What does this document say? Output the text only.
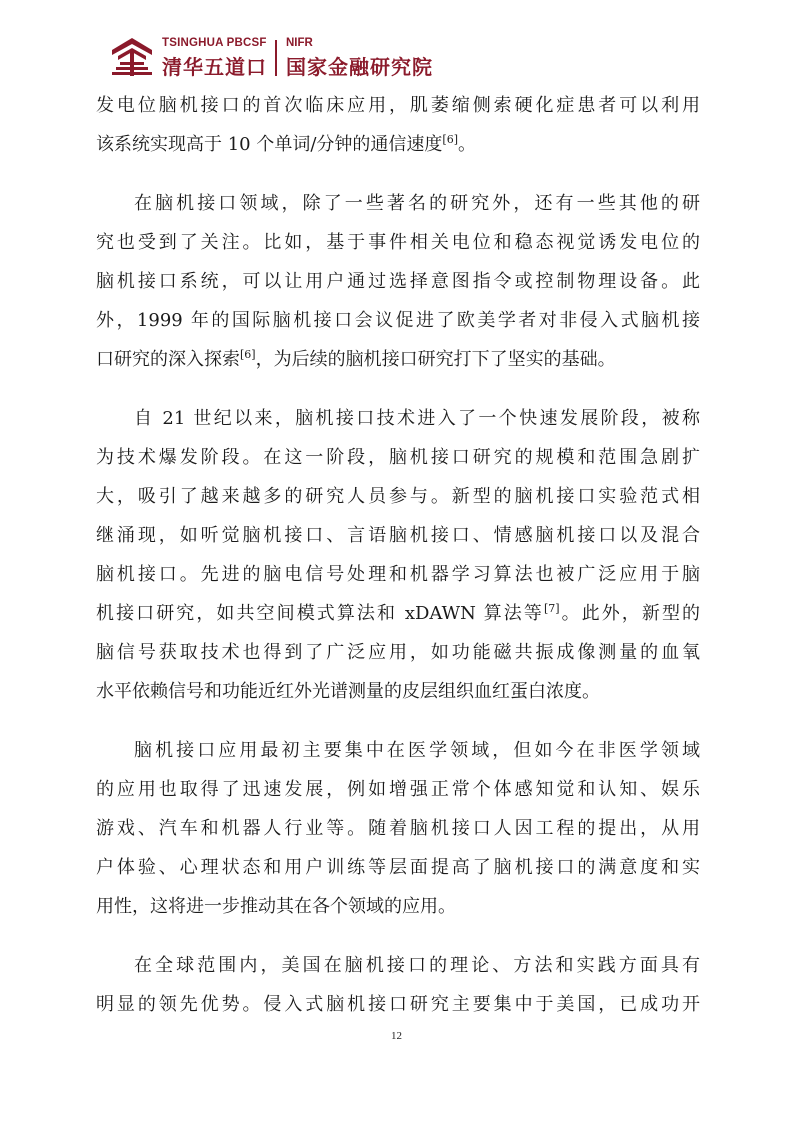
TSINGHUA PBCSF
清华五道口
NIFR
国家金融研究院
发电位脑机接口的首次临床应用，肌萎缩侧索硬化症患者可以利用
该系统实现高于 10 个单词/分钟的通信速度[6]。
在脑机接口领域，除了一些著名的研究外，还有一些其他的研
究也受到了关注。比如，基于事件相关电位和稳态视觉诱发电位的
脑机接口系统，可以让用户通过选择意图指令或控制物理设备。此
外，1999 年的国际脑机接口会议促进了欧美学者对非侵入式脑机接
口研究的深入探索[6]，为后续的脑机接口研究打下了坚实的基础。
自 21 世纪以来，脑机接口技术进入了一个快速发展阶段，被称
为技术爆发阶段。在这一阶段，脑机接口研究的规模和范围急剧扩
大，吸引了越来越多的研究人员参与。新型的脑机接口实验范式相
继涌现，如听觉脑机接口、言语脑机接口、情感脑机接口以及混合
脑机接口。先进的脑电信号处理和机器学习算法也被广泛应用于脑
机接口研究，如共空间模式算法和 xDAWN 算法等[7]。此外，新型的
脑信号获取技术也得到了广泛应用，如功能磁共振成像测量的血氧
水平依赖信号和功能近红外光谱测量的皮层组织血红蛋白浓度。
脑机接口应用最初主要集中在医学领域，但如今在非医学领域
的应用也取得了迅速发展，例如增强正常个体感知觉和认知、娱乐
游戏、汽车和机器人行业等。随着脑机接口人因工程的提出，从用
户体验、心理状态和用户训练等层面提高了脑机接口的满意度和实
用性，这将进一步推动其在各个领域的应用。
在全球范围内，美国在脑机接口的理论、方法和实践方面具有
明显的领先优势。侵入式脑机接口研究主要集中于美国，已成功开
12
